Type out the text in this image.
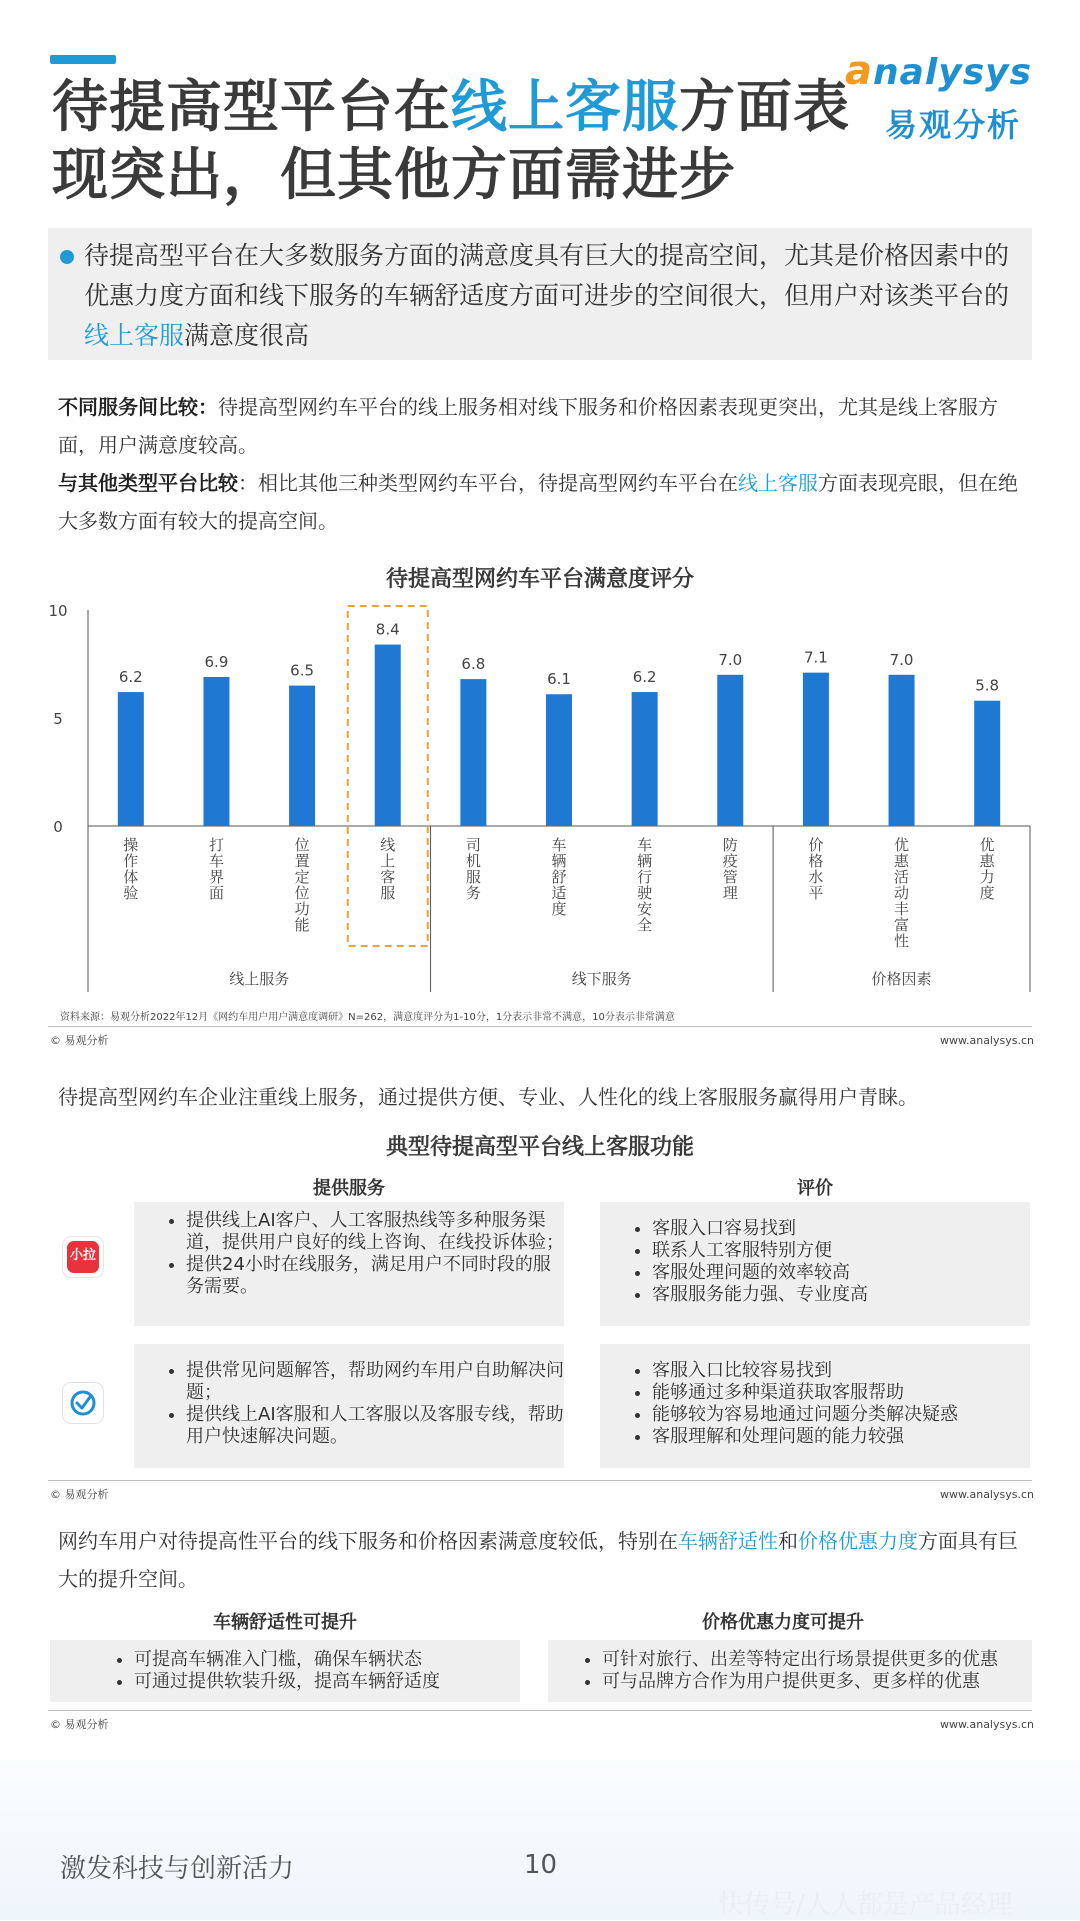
待提高型平台在线上客服方面表现突出，但其他方面需进步
analysys
易观分析
待提高型平台在大多数服务方面的满意度具有巨大的提高空间，尤其是价格因素中的优惠力度方面和线下服务的车辆舒适度方面可进步的空间很大，但用户对该类平台的线上客服满意度很高
不同服务间比较：待提高型网约车平台的线上服务相对线下服务和价格因素表现更突出，尤其是线上客服方面，用户满意度较高。
与其他类型平台比较：相比其他三种类型网约车平台，待提高型网约车平台在线上客服方面表现亮眼，但在绝大多数方面有较大的提高空间。
待提高型网约车平台满意度评分
0
5
10
6.2
操
作
体
验
6.9
打
车
界
面
6.5
位
置
定
位
功
能
8.4
线
上
客
服
6.8
司
机
服
务
6.1
车
辆
舒
适
度
6.2
车
辆
行
驶
安
全
7.0
防
疫
管
理
7.1
价
格
水
平
7.0
优
惠
活
动
丰
富
性
5.8
优
惠
力
度
线上服务	线下服务	价格因素
资料来源：易观分析2022年12月《网约车用户用户满意度调研》N=262，满意度评分为1-10分，1分表示非常不满意，10分表示非常满意
© 易观分析	www.analysys.cn
待提高型网约车企业注重线上服务，通过提供方便、专业、人性化的线上客服服务赢得用户青睐。
典型待提高型平台线上客服功能
提供服务	评价
小拉
• 提供线上AI客户、人工客服热线等多种服务渠道，提供用户良好的线上咨询、在线投诉体验；
• 提供24小时在线服务，满足用户不同时段的服务需要。
• 客服入口容易找到
• 联系人工客服特别方便
• 客服处理问题的效率较高
• 客服服务能力强、专业度高
• 提供常见问题解答，帮助网约车用户自助解决问题；
• 提供线上AI客服和人工客服以及客服专线，帮助用户快速解决问题。
• 客服入口比较容易找到
• 能够通过多种渠道获取客服帮助
• 能够较为容易地通过问题分类解决疑惑
• 客服理解和处理问题的能力较强
© 易观分析	www.analysys.cn
网约车用户对待提高性平台的线下服务和价格因素满意度较低，特别在车辆舒适性和价格优惠力度方面具有巨大的提升空间。
车辆舒适性可提升	价格优惠力度可提升
• 可提高车辆准入门槛，确保车辆状态
• 可通过提供软装升级，提高车辆舒适度
• 可针对旅行、出差等特定出行场景提供更多的优惠
• 可与品牌方合作为用户提供更多、更多样的优惠
© 易观分析	www.analysys.cn
激发科技与创新活力	10
快传号/人人都是产品经理
